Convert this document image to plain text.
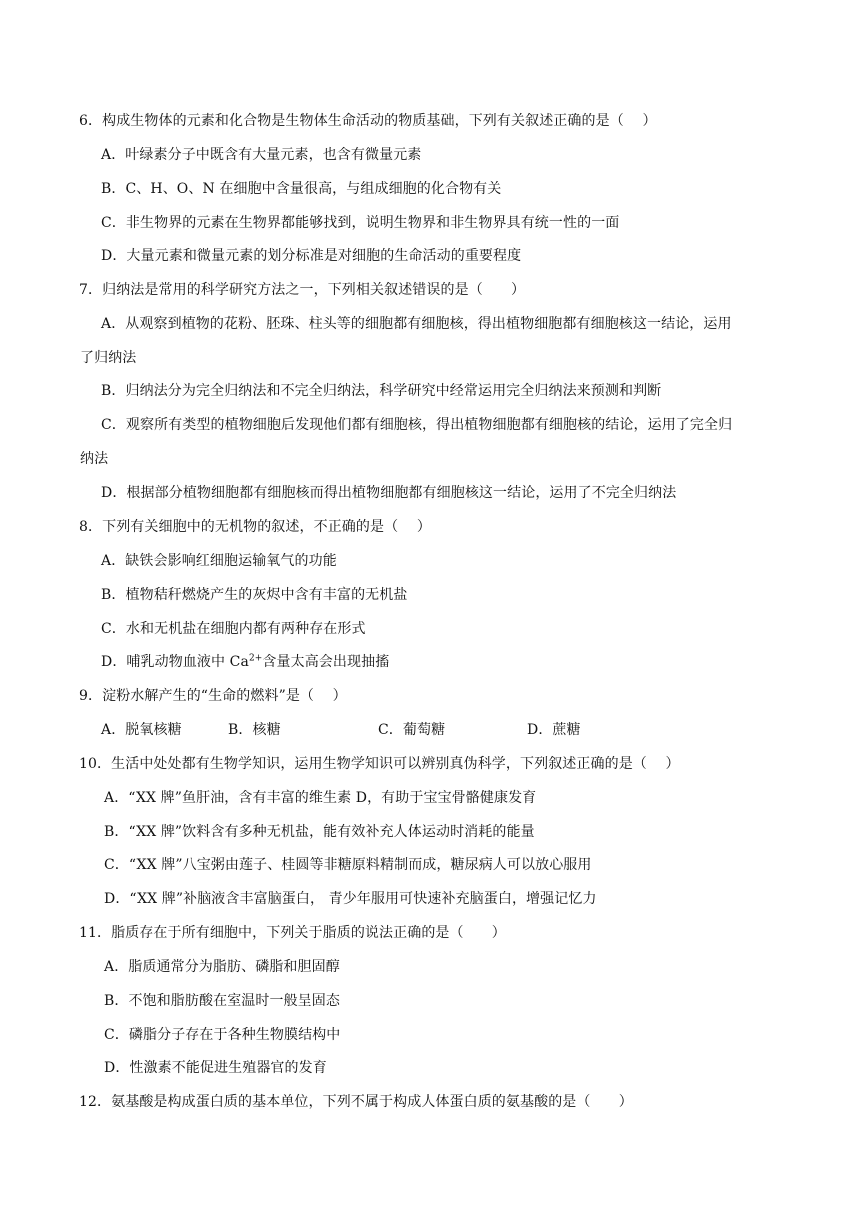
6．构成生物体的元素和化合物是生物体生命活动的物质基础，下列有关叙述正确的是（　 ）
A．叶绿素分子中既含有大量元素，也含有微量元素
B．C、H、O、N 在细胞中含量很高，与组成细胞的化合物有关
C．非生物界的元素在生物界都能够找到，说明生物界和非生物界具有统一性的一面
D．大量元素和微量元素的划分标准是对细胞的生命活动的重要程度
7．归纳法是常用的科学研究方法之一，下列相关叙述错误的是（　　）
A．从观察到植物的花粉、胚珠、柱头等的细胞都有细胞核，得出植物细胞都有细胞核这一结论，运用
了归纳法
B．归纳法分为完全归纳法和不完全归纳法，科学研究中经常运用完全归纳法来预测和判断
C．观察所有类型的植物细胞后发现他们都有细胞核，得出植物细胞都有细胞核的结论，运用了完全归
纳法
D．根据部分植物细胞都有细胞核而得出植物细胞都有细胞核这一结论，运用了不完全归纳法
8．下列有关细胞中的无机物的叙述，不正确的是（　 ）
A．缺铁会影响红细胞运输氧气的功能
B．植物秸秆燃烧产生的灰烬中含有丰富的无机盐
C．水和无机盐在细胞内都有两种存在形式
D．哺乳动物血液中 $Ca^{2+}$含量太高会出现抽搐
9．淀粉水解产生的“生命的燃料”是（　 ）
A．脱氧核糖	B．核糖	C．葡萄糖	D．蔗糖
10．生活中处处都有生物学知识，运用生物学知识可以辨别真伪科学，下列叙述正确的是（　 ）
A．“XX 牌”鱼肝油，含有丰富的维生素 D，有助于宝宝骨骼健康发育
B．“XX 牌”饮料含有多种无机盐，能有效补充人体运动时消耗的能量
C．“XX 牌”八宝粥由莲子、桂圆等非糖原料精制而成，糖尿病人可以放心服用
D．“XX 牌”补脑液含丰富脑蛋白， 青少年服用可快速补充脑蛋白，增强记忆力
11．脂质存在于所有细胞中，下列关于脂质的说法正确的是（　　）
A．脂质通常分为脂肪、磷脂和胆固醇
B．不饱和脂肪酸在室温时一般呈固态
C．磷脂分子存在于各种生物膜结构中
D．性激素不能促进生殖器官的发育
12．氨基酸是构成蛋白质的基本单位，下列不属于构成人体蛋白质的氨基酸的是（　　）
